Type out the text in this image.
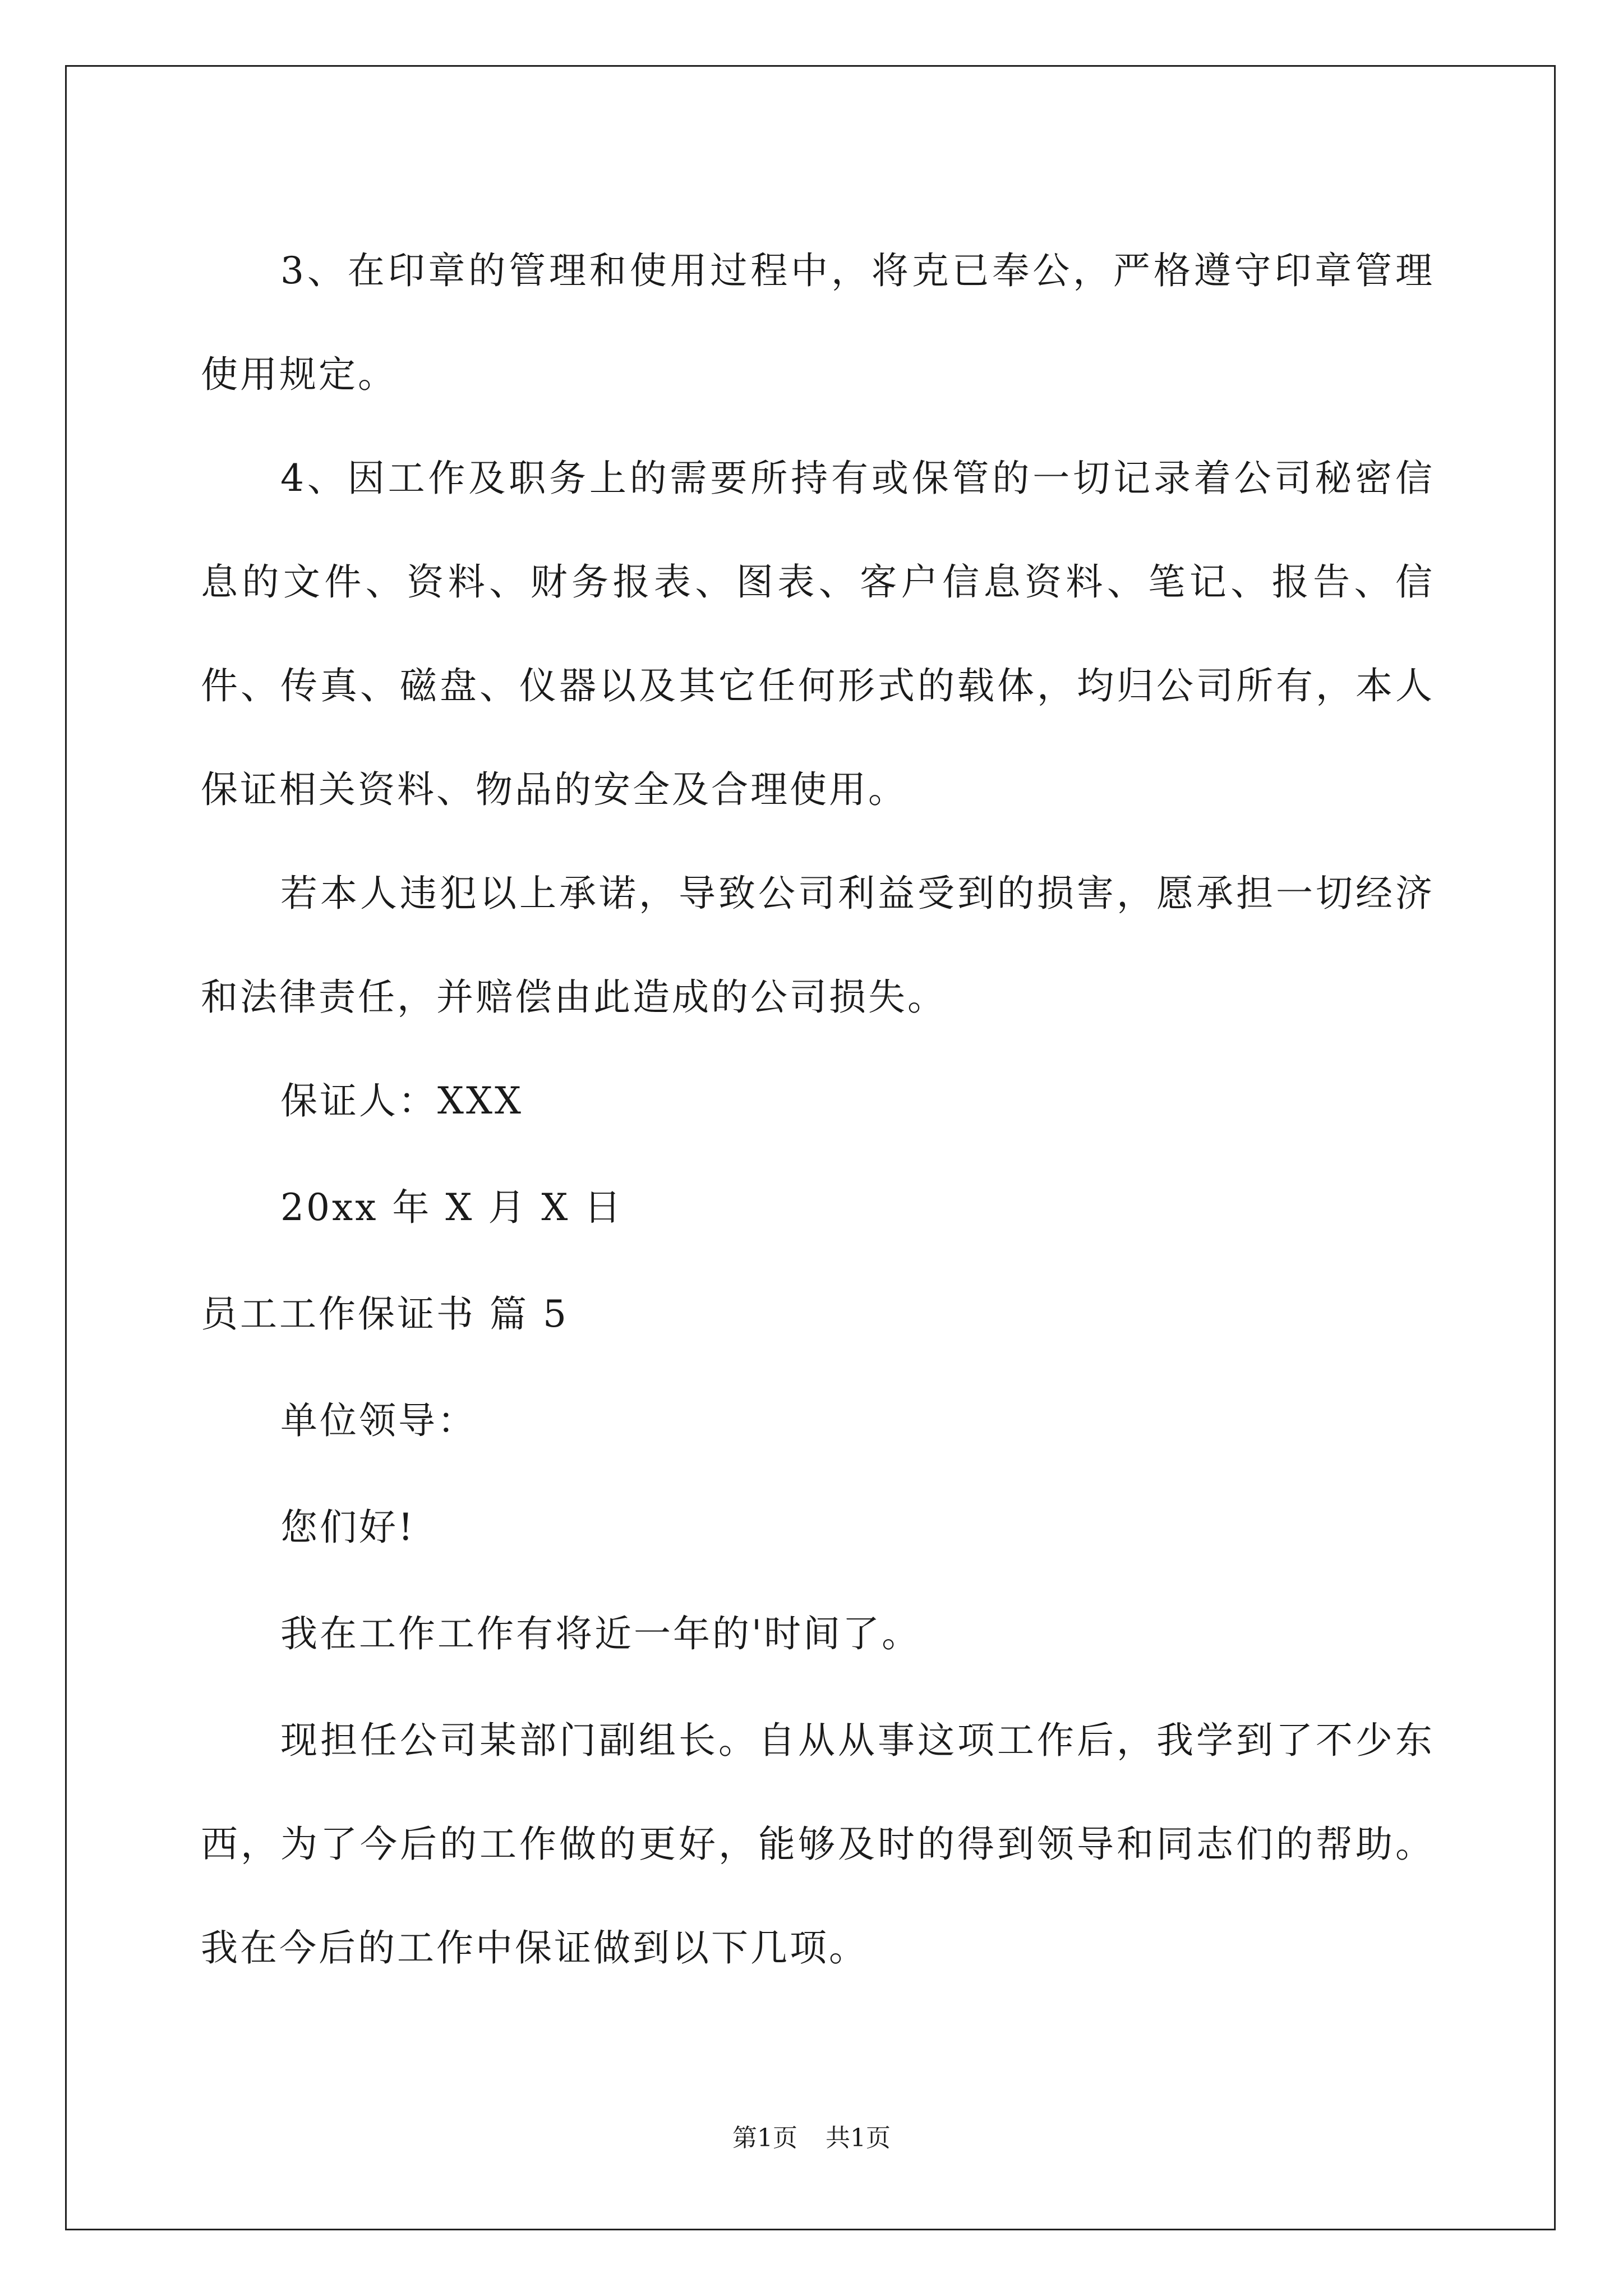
3、在印章的管理和使用过程中，将克已奉公，严格遵守印章管理使用规定。

4、因工作及职务上的需要所持有或保管的一切记录着公司秘密信息的文件、资料、财务报表、图表、客户信息资料、笔记、报告、信件、传真、磁盘、仪器以及其它任何形式的载体，均归公司所有，本人保证相关资料、物品的安全及合理使用。

若本人违犯以上承诺，导致公司利益受到的损害，愿承担一切经济和法律责任，并赔偿由此造成的公司损失。

保证人：XXX

20xx 年 X 月 X 日

员工工作保证书 篇 5

单位领导：

您们好!

我在工作工作有将近一年的'时间了。

现担任公司某部门副组长。自从从事这项工作后，我学到了不少东西，为了今后的工作做的更好，能够及时的得到领导和同志们的帮助。我在今后的工作中保证做到以下几项。

第1页 共1页
